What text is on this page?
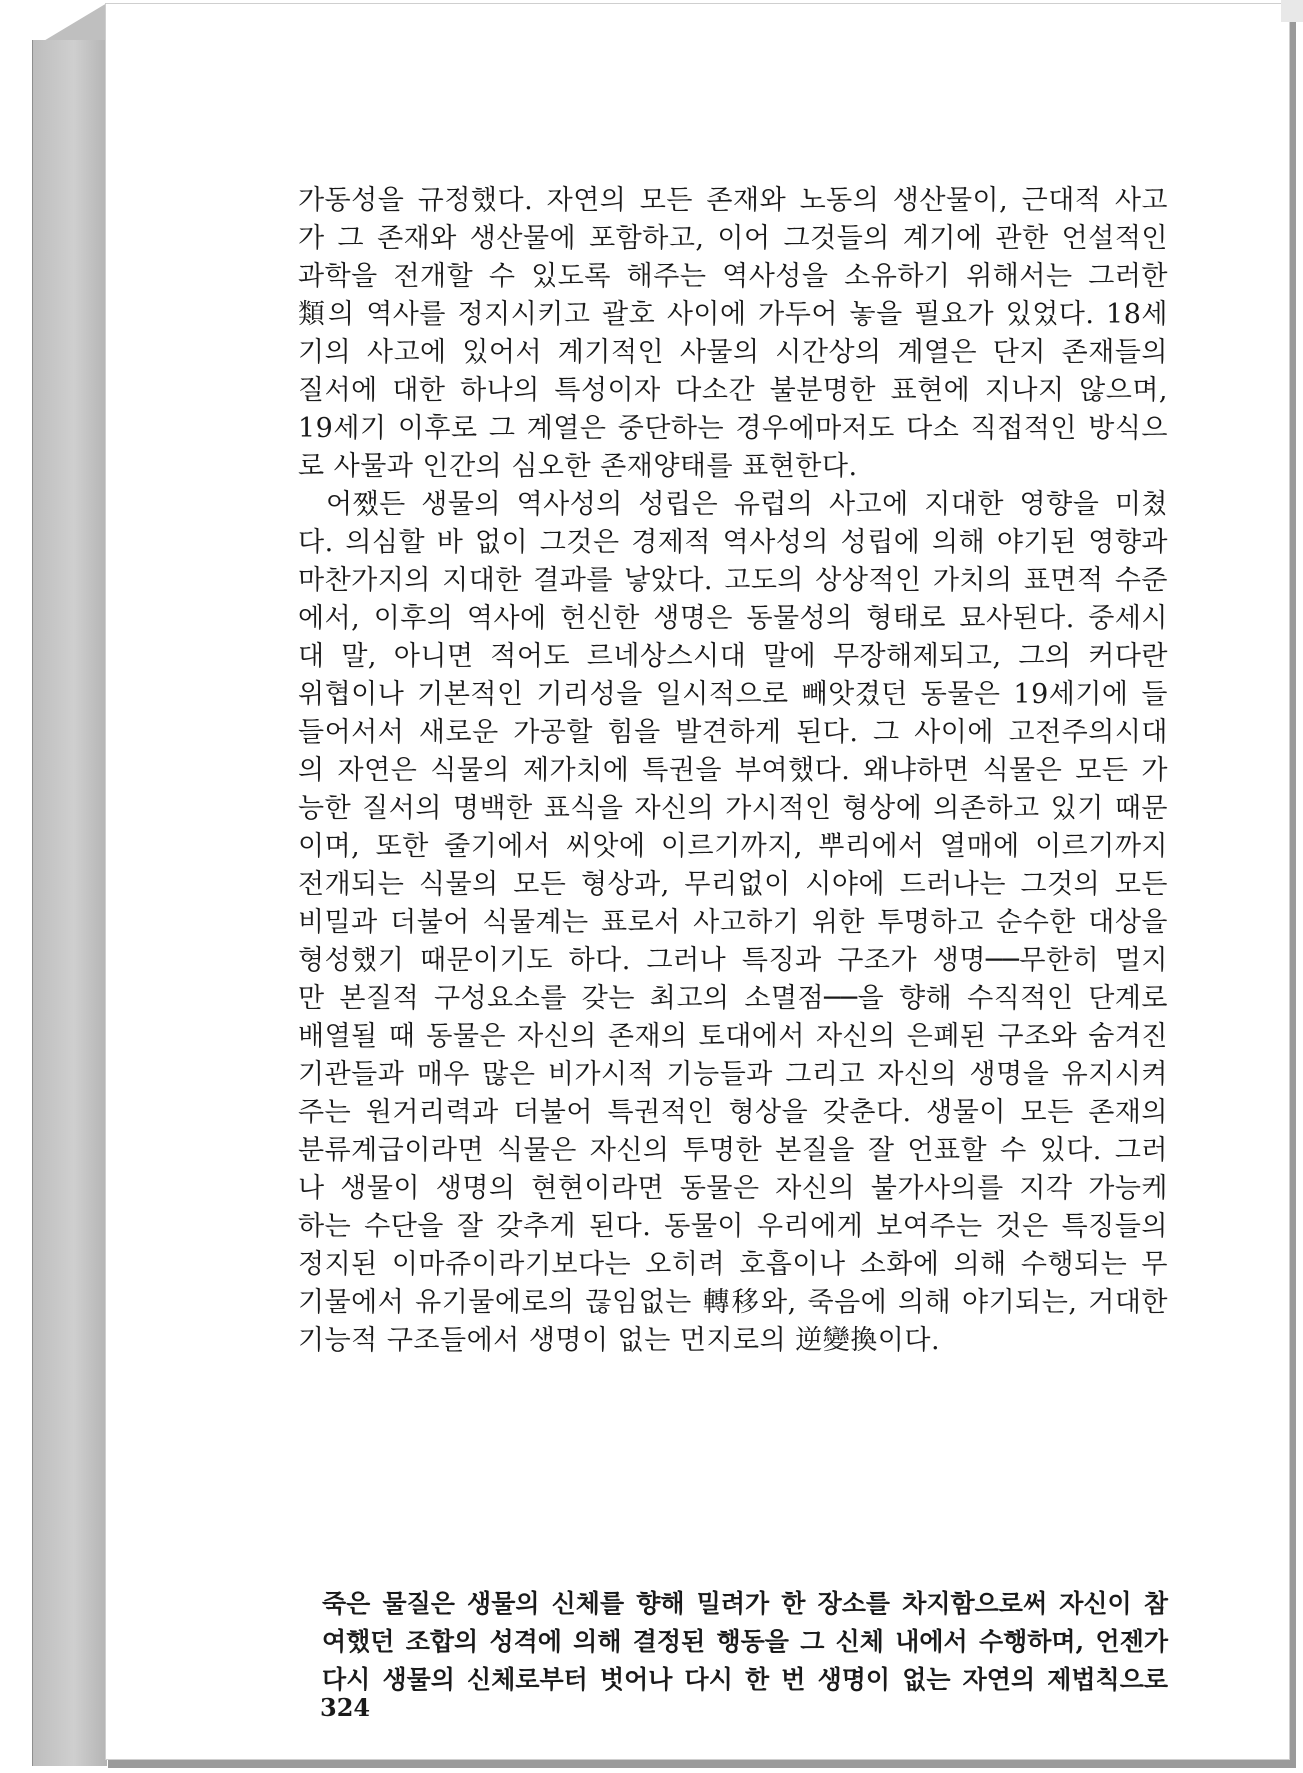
가동성을 규정했다. 자연의 모든 존재와 노동의 생산물이, 근대적 사고
가 그 존재와 생산물에 포함하고, 이어 그것들의 계기에 관한 언설적인
과학을 전개할 수 있도록 해주는 역사성을 소유하기 위해서는 그러한
類의 역사를 정지시키고 괄호 사이에 가두어 놓을 필요가 있었다. 18세
기의 사고에 있어서 계기적인 사물의 시간상의 계열은 단지 존재들의
질서에 대한 하나의 특성이자 다소간 불분명한 표현에 지나지 않으며,
19세기 이후로 그 계열은 중단하는 경우에마저도 다소 직접적인 방식으
로 사물과 인간의 심오한 존재양태를 표현한다.
어쨌든 생물의 역사성의 성립은 유럽의 사고에 지대한 영향을 미쳤
다. 의심할 바 없이 그것은 경제적 역사성의 성립에 의해 야기된 영향과
마찬가지의 지대한 결과를 낳았다. 고도의 상상적인 가치의 표면적 수준
에서, 이후의 역사에 헌신한 생명은 동물성의 형태로 묘사된다. 중세시
대 말, 아니면 적어도 르네상스시대 말에 무장해제되고, 그의 커다란
위협이나 기본적인 기리성을 일시적으로 빼앗겼던 동물은 19세기에 들
들어서서 새로운 가공할 힘을 발견하게 된다. 그 사이에 고전주의시대
의 자연은 식물의 제가치에 특권을 부여했다. 왜냐하면 식물은 모든 가
능한 질서의 명백한 표식을 자신의 가시적인 형상에 의존하고 있기 때문
이며, 또한 줄기에서 씨앗에 이르기까지, 뿌리에서 열매에 이르기까지
전개되는 식물의 모든 형상과, 무리없이 시야에 드러나는 그것의 모든
비밀과 더불어 식물계는 표로서 사고하기 위한 투명하고 순수한 대상을
형성했기 때문이기도 하다. 그러나 특징과 구조가 생명──무한히 멀지
만 본질적 구성요소를 갖는 최고의 소멸점──을 향해 수직적인 단계로
배열될 때 동물은 자신의 존재의 토대에서 자신의 은폐된 구조와 숨겨진
기관들과 매우 많은 비가시적 기능들과 그리고 자신의 생명을 유지시켜
주는 원거리력과 더불어 특권적인 형상을 갖춘다. 생물이 모든 존재의
분류계급이라면 식물은 자신의 투명한 본질을 잘 언표할 수 있다. 그러
나 생물이 생명의 현현이라면 동물은 자신의 불가사의를 지각 가능케
하는 수단을 잘 갖추게 된다. 동물이 우리에게 보여주는 것은 특징들의
정지된 이마쥬이라기보다는 오히려 호흡이나 소화에 의해 수행되는 무
기물에서 유기물에로의 끊임없는 轉移와, 죽음에 의해 야기되는, 거대한
기능적 구조들에서 생명이 없는 먼지로의 逆變換이다.
죽은 물질은 생물의 신체를 향해 밀려가 한 장소를 차지함으로써 자신이 참
여했던 조합의 성격에 의해 결정된 행동을 그 신체 내에서 수행하며, 언젠가
다시 생물의 신체로부터 벗어나 다시 한 번 생명이 없는 자연의 제법칙으로
324
